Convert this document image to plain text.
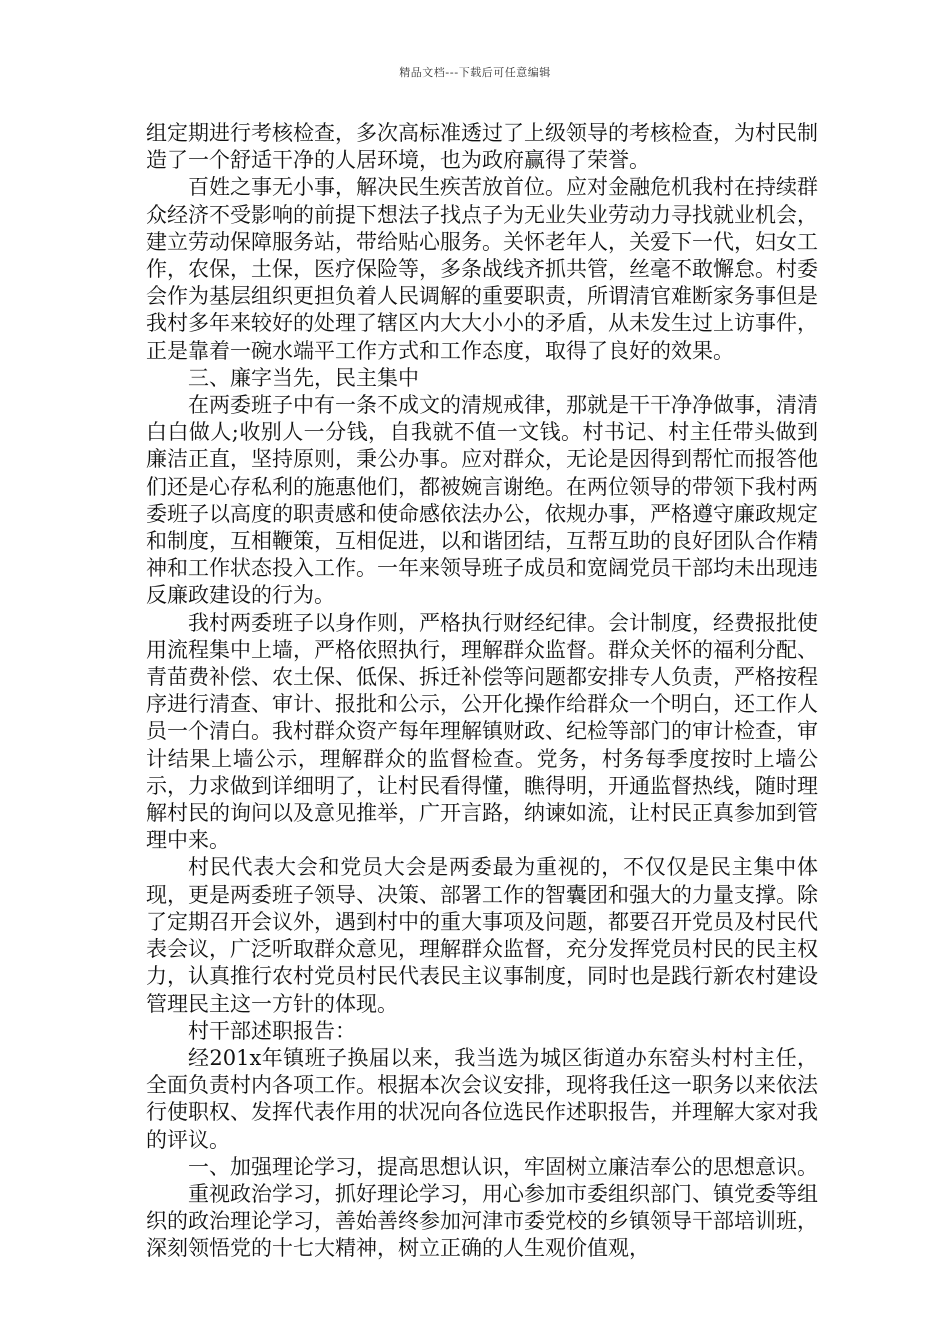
精品文档---下载后可任意编辑

组定期进行考核检查，多次高标准透过了上级领导的考核检查，为村民制造了一个舒适干净的人居环境，也为政府赢得了荣誉。

百姓之事无小事，解决民生疾苦放首位。应对金融危机我村在持续群众经济不受影响的前提下想法子找点子为无业失业劳动力寻找就业机会，建立劳动保障服务站，带给贴心服务。关怀老年人，关爱下一代，妇女工作，农保，土保，医疗保险等，多条战线齐抓共管，丝毫不敢懈怠。村委会作为基层组织更担负着人民调解的重要职责，所谓清官难断家务事但是我村多年来较好的处理了辖区内大大小小的矛盾，从未发生过上访事件，正是靠着一碗水端平工作方式和工作态度，取得了良好的效果。

三、廉字当先，民主集中

在两委班子中有一条不成文的清规戒律，那就是干干净净做事，清清白白做人;收别人一分钱，自我就不值一文钱。村书记、村主任带头做到廉洁正直，坚持原则，秉公办事。应对群众，无论是因得到帮忙而报答他们还是心存私利的施惠他们，都被婉言谢绝。在两位领导的带领下我村两委班子以高度的职责感和使命感依法办公，依规办事，严格遵守廉政规定和制度，互相鞭策，互相促进，以和谐团结，互帮互助的良好团队合作精神和工作状态投入工作。一年来领导班子成员和宽阔党员干部均未出现违反廉政建设的行为。

我村两委班子以身作则，严格执行财经纪律。会计制度，经费报批使用流程集中上墙，严格依照执行，理解群众监督。群众关怀的福利分配、青苗费补偿、农土保、低保、拆迁补偿等问题都安排专人负责，严格按程序进行清查、审计、报批和公示，公开化操作给群众一个明白，还工作人员一个清白。我村群众资产每年理解镇财政、纪检等部门的审计检查，审计结果上墙公示，理解群众的监督检查。党务，村务每季度按时上墙公示，力求做到详细明了，让村民看得懂，瞧得明，开通监督热线，随时理解村民的询问以及意见推举，广开言路，纳谏如流，让村民正真参加到管理中来。

村民代表大会和党员大会是两委最为重视的，不仅仅是民主集中体现，更是两委班子领导、决策、部署工作的智囊团和强大的力量支撑。除了定期召开会议外，遇到村中的重大事项及问题，都要召开党员及村民代表会议，广泛听取群众意见，理解群众监督，充分发挥党员村民的民主权力，认真推行农村党员村民代表民主议事制度，同时也是践行新农村建设管理民主这一方针的体现。

村干部述职报告：

经201x年镇班子换届以来，我当选为城区街道办东窑头村村主任，全面负责村内各项工作。根据本次会议安排，现将我任这一职务以来依法行使职权、发挥代表作用的状况向各位选民作述职报告，并理解大家对我的评议。

一、加强理论学习，提高思想认识，牢固树立廉洁奉公的思想意识。

重视政治学习，抓好理论学习，用心参加市委组织部门、镇党委等组织的政治理论学习，善始善终参加河津市委党校的乡镇领导干部培训班，深刻领悟党的十七大精神，树立正确的人生观价值观，
